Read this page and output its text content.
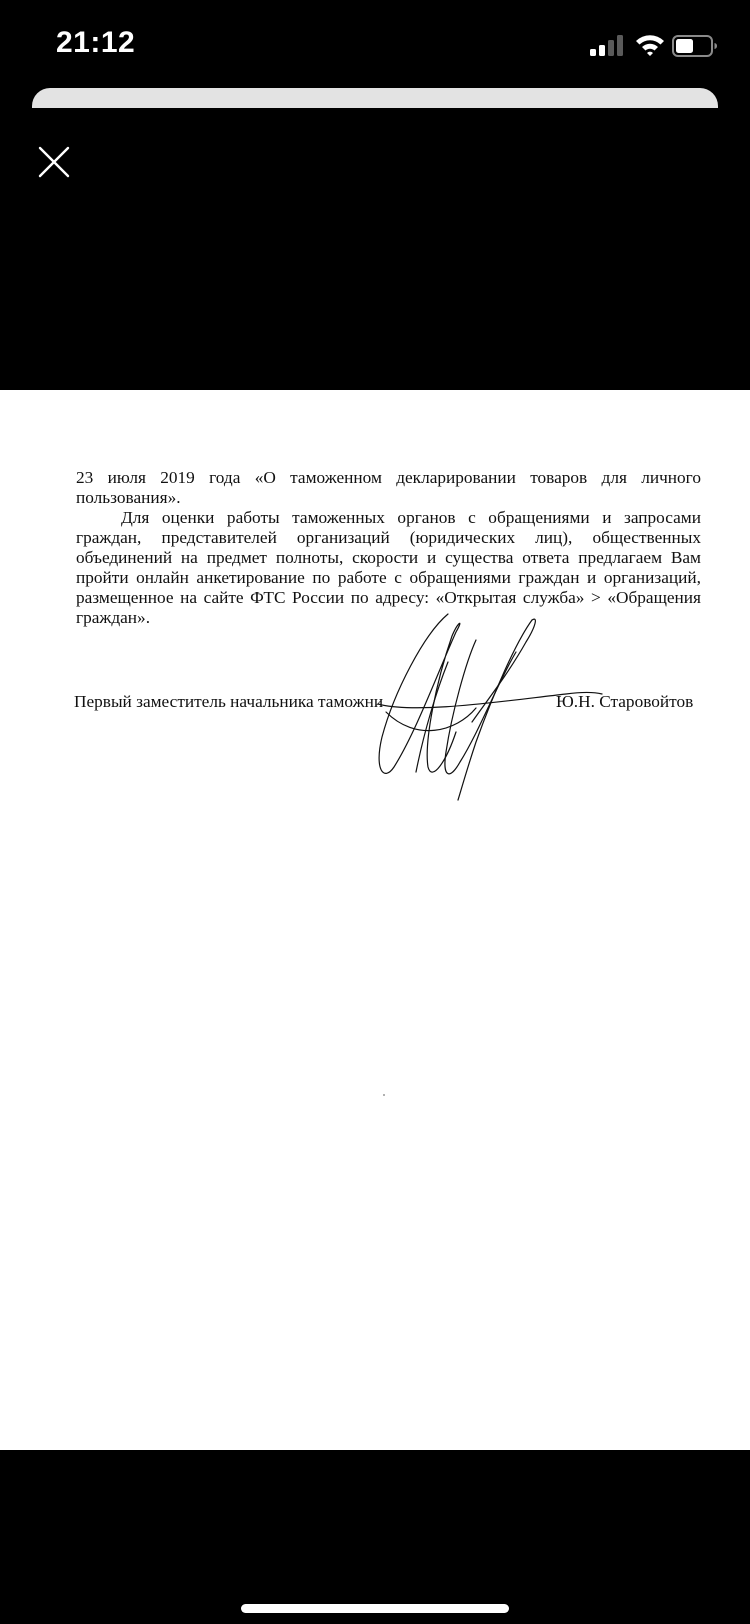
21:12
23 июля 2019 года «О таможенном декларировании товаров для личного
пользования».
Для оценки работы таможенных органов с обращениями и запросами
граждан, представителей организаций (юридических лиц), общественных
объединений на предмет полноты, скорости и существа ответа предлагаем Вам
пройти онлайн анкетирование по работе с обращениями граждан и организаций,
размещенное на сайте ФТС России по адресу: «Открытая служба» > «Обращения
граждан».
Первый заместитель начальника таможни	Ю.Н. Старовойтов
